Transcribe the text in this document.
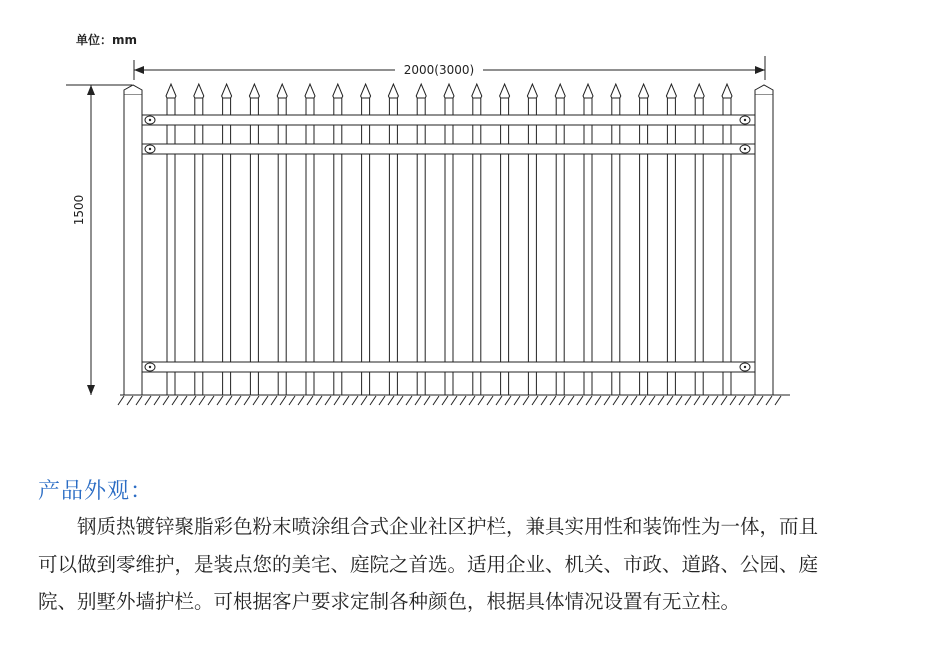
2000(3000)
1500
单位：mm
产品外观：

钢质热镀锌聚脂彩色粉末喷涂组合式企业社区护栏，兼具实用性和装饰性为一体，而且可以做到零维护，是装点您的美宅、庭院之首选。适用企业、机关、市政、道路、公园、庭院、别墅外墙护栏。可根据客户要求定制各种颜色，根据具体情况设置有无立柱。
